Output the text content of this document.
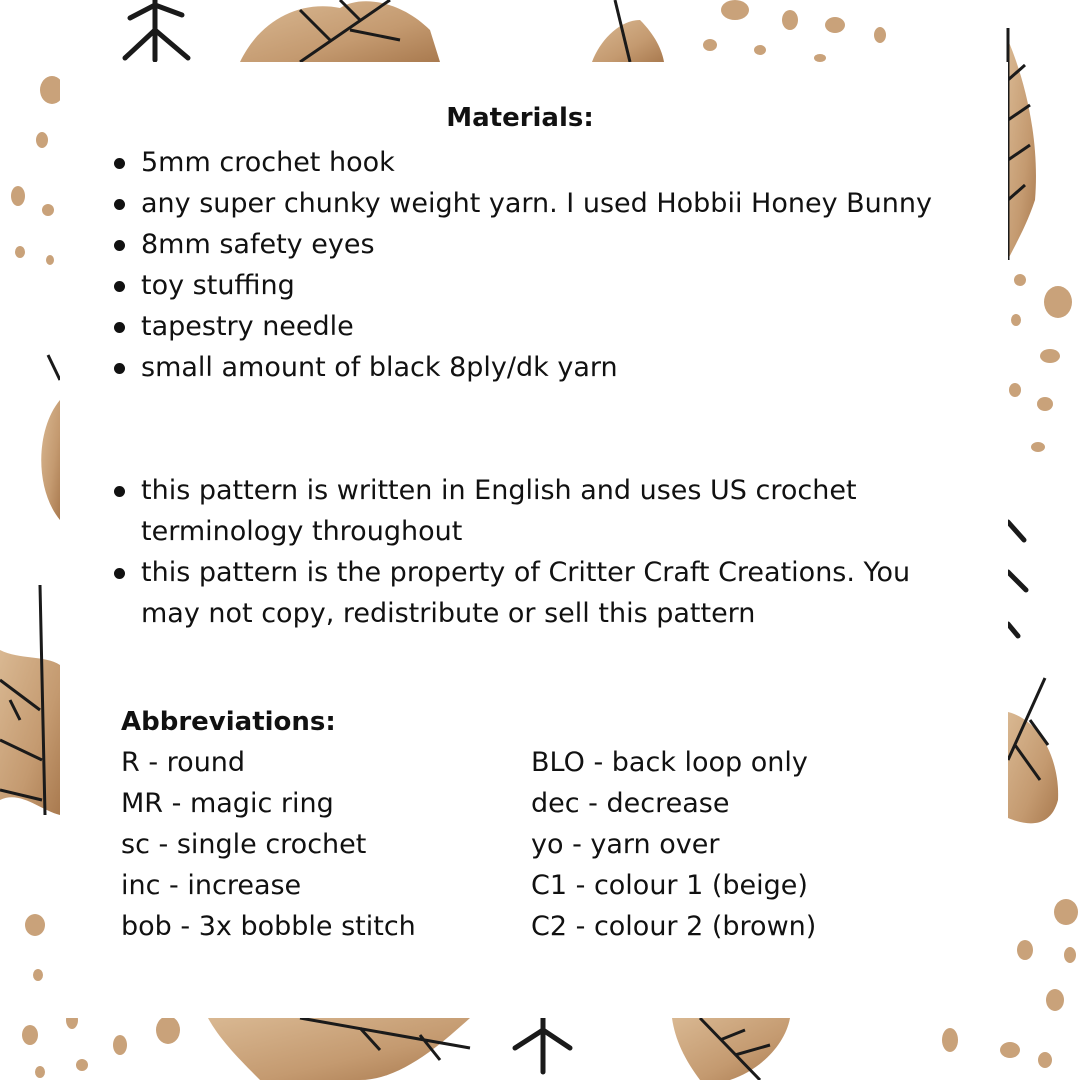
Materials:
5mm crochet hook
any super chunky weight yarn. I used Hobbii Honey Bunny
8mm safety eyes
toy stuffing
tapestry needle
small amount of black 8ply/dk yarn
this pattern is written in English and uses US crochet terminology throughout
this pattern is the property of Critter Craft Creations. You may not copy, redistribute or sell this pattern
Abbreviations:
R - round
MR - magic ring
sc - single crochet
inc - increase
bob - 3x bobble stitch
BLO - back loop only
dec - decrease
yo - yarn over
C1 - colour 1 (beige)
C2 - colour 2 (brown)
